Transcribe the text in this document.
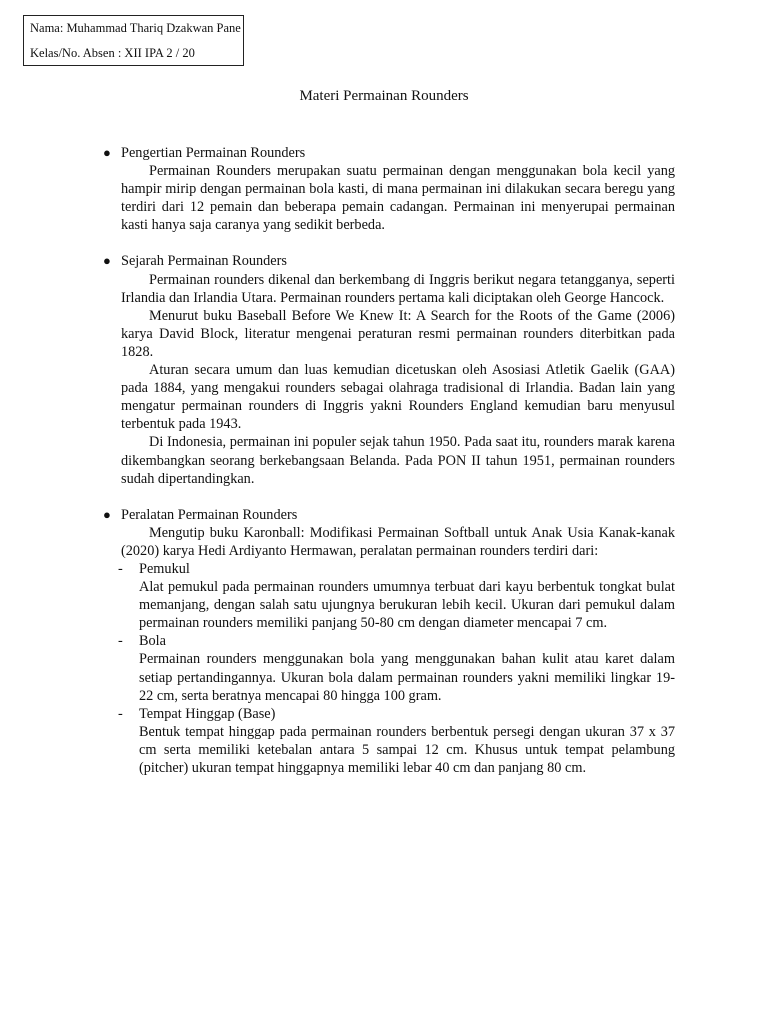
Nama: Muhammad Thariq Dzakwan Pane
Kelas/No. Absen : XII IPA 2 / 20
Materi Permainan Rounders
● Pengertian Permainan Rounders

Permainan Rounders merupakan suatu permainan dengan menggunakan bola kecil yang hampir mirip dengan permainan bola kasti, di mana permainan ini dilakukan secara beregu yang terdiri dari 12 pemain dan beberapa pemain cadangan. Permainan ini menyerupai permainan kasti hanya saja caranya yang sedikit berbeda.

● Sejarah Permainan Rounders

Permainan rounders dikenal dan berkembang di Inggris berikut negara tetangganya, seperti Irlandia dan Irlandia Utara. Permainan rounders pertama kali diciptakan oleh George Hancock.

Menurut buku Baseball Before We Knew It: A Search for the Roots of the Game (2006) karya David Block, literatur mengenai peraturan resmi permainan rounders diterbitkan pada 1828.

Aturan secara umum dan luas kemudian dicetuskan oleh Asosiasi Atletik Gaelik (GAA) pada 1884, yang mengakui rounders sebagai olahraga tradisional di Irlandia. Badan lain yang mengatur permainan rounders di Inggris yakni Rounders England kemudian baru menyusul terbentuk pada 1943.

Di Indonesia, permainan ini populer sejak tahun 1950. Pada saat itu, rounders marak karena dikembangkan seorang berkebangsaan Belanda. Pada PON II tahun 1951, permainan rounders sudah dipertandingkan.

● Peralatan Permainan Rounders

Mengutip buku Karonball: Modifikasi Permainan Softball untuk Anak Usia Kanak-kanak (2020) karya Hedi Ardiyanto Hermawan, peralatan permainan rounders terdiri dari:

- Pemukul

Alat pemukul pada permainan rounders umumnya terbuat dari kayu berbentuk tongkat bulat memanjang, dengan salah satu ujungnya berukuran lebih kecil. Ukuran dari pemukul dalam permainan rounders memiliki panjang 50-80 cm dengan diameter mencapai 7 cm.

- Bola

Permainan rounders menggunakan bola yang menggunakan bahan kulit atau karet dalam setiap pertandingannya. Ukuran bola dalam permainan rounders yakni memiliki lingkar 19-22 cm, serta beratnya mencapai 80 hingga 100 gram.

- Tempat Hinggap (Base)

Bentuk tempat hinggap pada permainan rounders berbentuk persegi dengan ukuran 37 x 37 cm serta memiliki ketebalan antara 5 sampai 12 cm. Khusus untuk tempat pelambung (pitcher) ukuran tempat hinggapnya memiliki lebar 40 cm dan panjang 80 cm.
